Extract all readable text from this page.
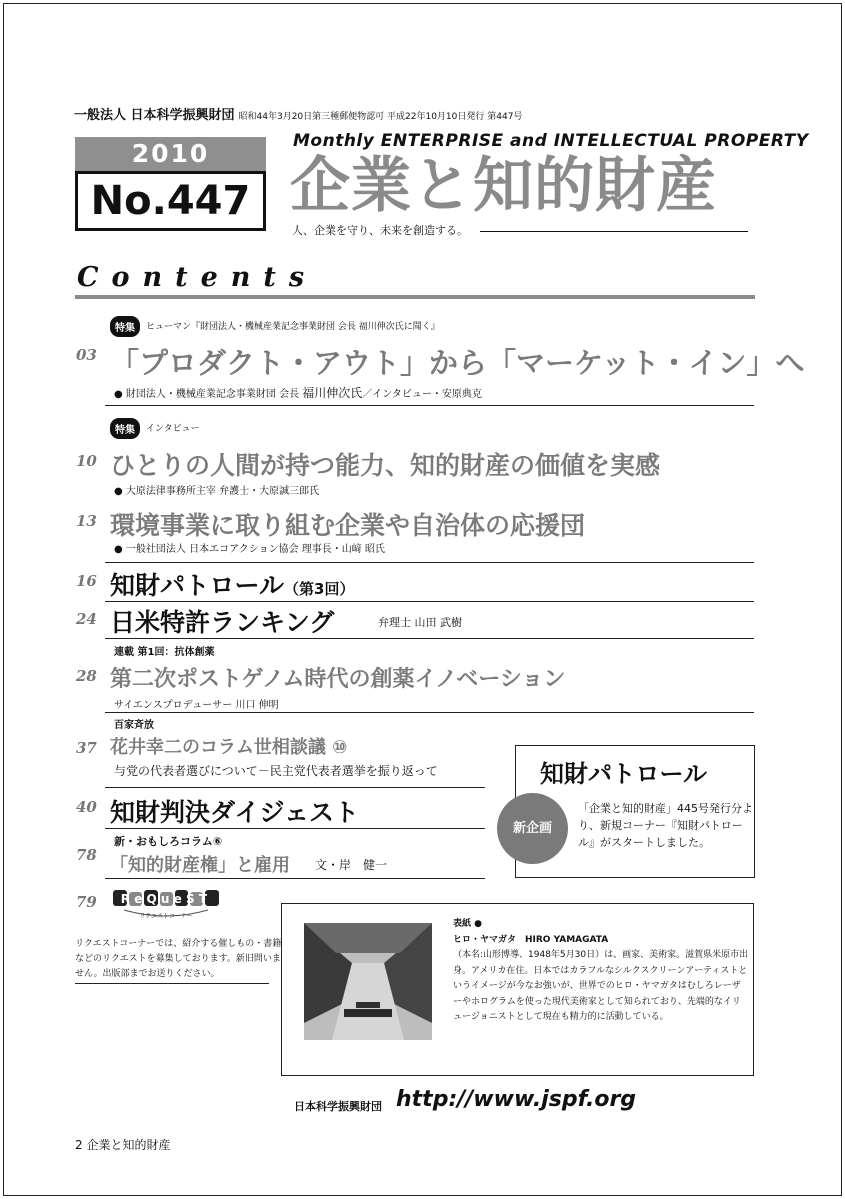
一般法人 日本科学振興財団 昭和44年3月20日第三種郵便物認可 平成22年10月10日発行 第447号
2010
No.447
Monthly ENTERPRISE and INTELLECTUAL PROPERTY
企業と知的財産
人、企業を守り、未来を創造する。
Contents
特集 ヒューマン『財団法人・機械産業記念事業財団 会長 福川伸次氏に聞く』
03 「プロダクト・アウト」から「マーケット・イン」へ
● 財団法人・機械産業記念事業財団 会長 福川伸次氏／インタビュー・安原典克
特集 インタビュー
10 ひとりの人間が持つ能力、知的財産の価値を実感
● 大原法律事務所主宰 弁護士・大原誠三郎氏
13 環境事業に取り組む企業や自治体の応援団
● 一般社団法人 日本エコアクション協会 理事長・山﨑 昭氏
16 知財パトロール（第3回）
24 日米特許ランキング	弁理士 山田 武樹
連載 第1回：抗体創薬
28 第二次ポストゲノム時代の創薬イノベーション
サイエンスプロデューサー 川口 伸明
百家斉放
37 花井幸二のコラム世相談議 ⑩
与党の代表者選びについて－民主党代表者選挙を振り返って
40 知財判決ダイジェスト
新・おもしろコラム⑥
78 「知的財産権」と雇用 文・岸　健一
79 ReQueST
リクエストコーナー
リクエストコーナーでは、紹介する催しもの・書籍などのリクエストを募集しております。新旧問いません。出版部までお送りください。
知財パトロール
新企画
「企業と知的財産」445号発行分より、新規コーナー『知財パトロール』がスタートしました。
表紙 ●
ヒロ・ヤマガタ　HIRO YAMAGATA
（本名:山形博導、1948年5月30日）は、画家、美術家。滋賀県米原市出身。アメリカ在住。日本ではカラフルなシルクスクリーンアーティストというイメージが今なお強いが、世界でのヒロ・ヤマガタはむしろレーザーやホログラムを使った現代美術家として知られており、先端的なイリュージョニストとして現在も精力的に活動している。
日本科学振興財団 http://www.jspf.org
2 企業と知的財産
